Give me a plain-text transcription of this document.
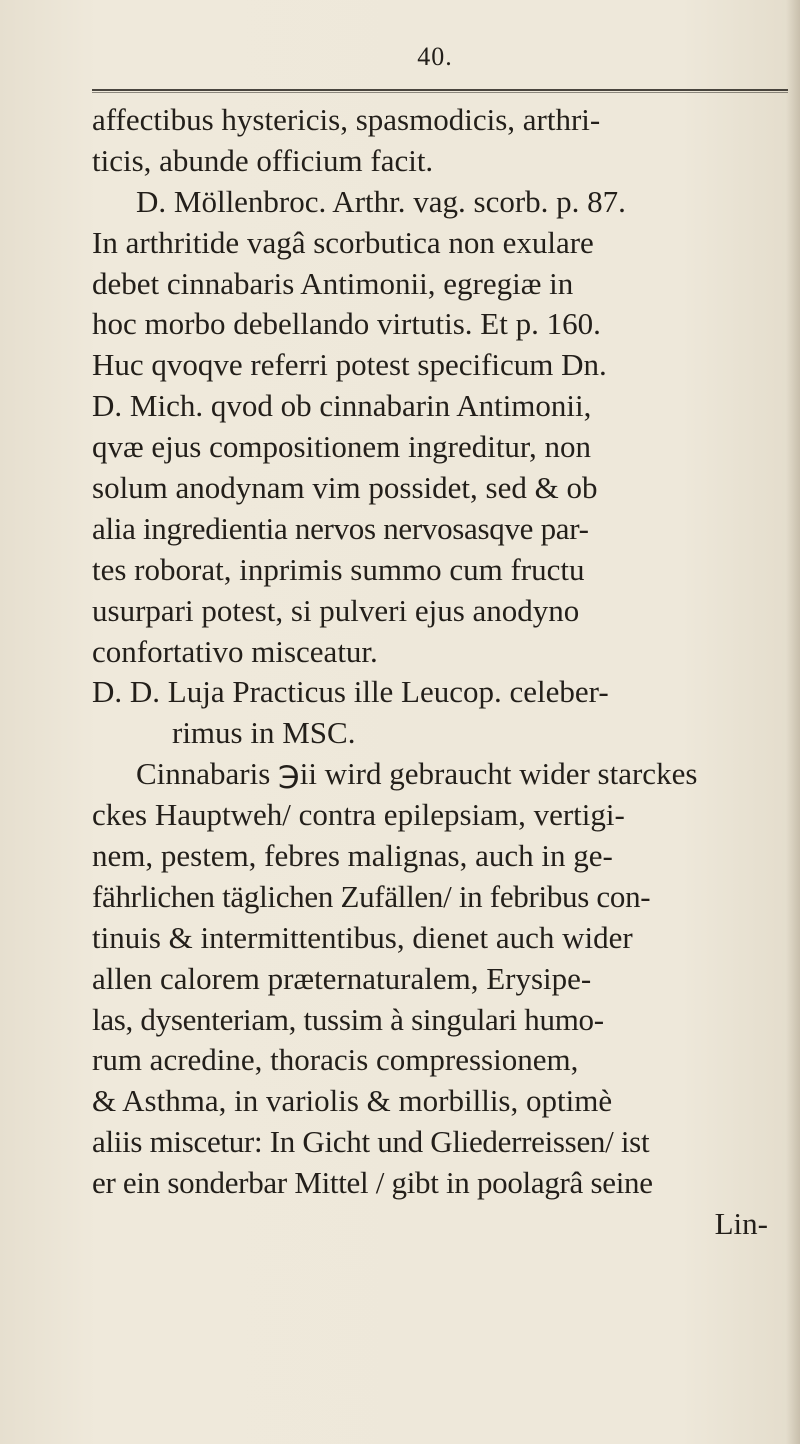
40.
affectibus hystericis, spasmodicis, arthri-
ticis, abunde officium facit.
D. Möllenbroc. Arthr. vag. scorb. p. 87.
In arthritide vagâ scorbutica non exulare
debet cinnabaris Antimonii, egregiæ in
hoc morbo debellando virtutis. Et p. 160.
Huc qvoqve referri potest specificum Dn.
D. Mich. qvod ob cinnabarin Antimonii,
qvæ ejus compositionem ingreditur, non
solum anodynam vim possidet, sed & ob
alia ingredientia nervos nervosasqve par-
tes roborat, inprimis summo cum fructu
usurpari potest, si pulveri ejus anodyno
confortativo misceatur.
D. D. Luja Practicus ille Leucop. celeber-
rimus in MSC.
Cinnabaris ℈ii wird gebraucht wider starckes
ckes Hauptweh/ contra epilepsiam, vertigi-
nem, pestem, febres malignas, auch in ge-
fährlichen täglichen Zufällen/ in febribus con-
tinuis & intermittentibus, dienet auch wider
allen calorem præternaturalem, Erysipe-
las, dysenteriam, tussim à singulari humo-
rum acredine, thoracis compressionem,
& Asthma, in variolis & morbillis, optimè
aliis miscetur: In Gicht und Gliederreissen/ ist
er ein sonderbar Mittel / gibt in poolagrâ seine
Lin-
